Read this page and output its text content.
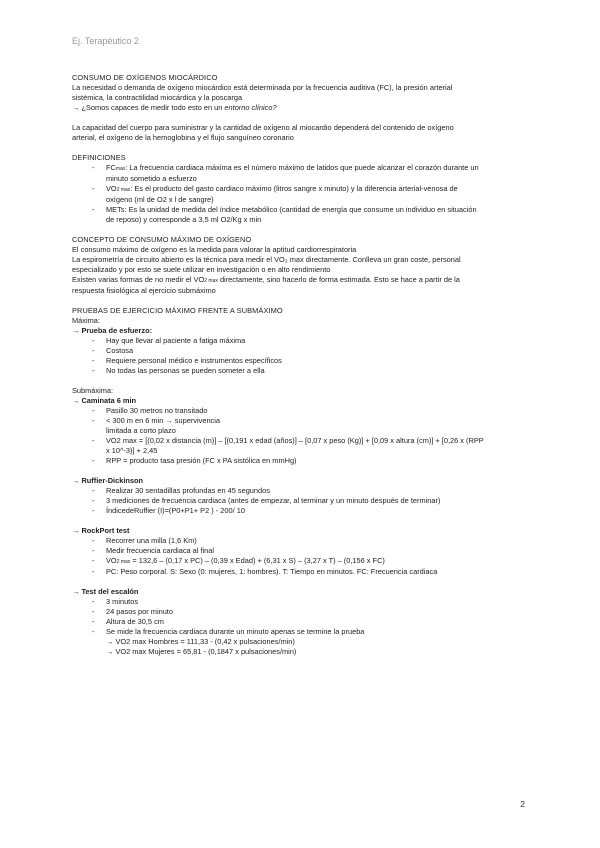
Ej. Terapéutico 2

CONSUMO DE OXÍGENOS MIOCÁRDICO

La necesidad o demanda de oxígeno miocárdico está determinada por la frecuencia auditiva (FC), la presión arterial

sistémica, la contractilidad miocárdica y la poscarga

→ ¿Somos capaces de medir todo esto en un entorno clínico?

La capacidad del cuerpo para suministrar y la cantidad de oxígeno al miocardio dependerá del contenido de oxígeno

arterial, el oxígeno de la hemoglobina y el flujo sanguíneo coronario

DEFINICIONES

- FCmax: La frecuencia cardiaca máxima es el número máximo de latidos que puede alcanzar el corazón durante un
minuto sometido a esfuerzo
- VO2 max: Es el producto del gasto cardiaco máximo (litros sangre x minuto) y la diferencia arterial-venosa de
oxígeno (ml de O2 x l de sangre)
- METs: Es la unidad de medida del índice metabólico (cantidad de energía que consume un individuo en situación
de reposo) y corresponde a 3,5 ml O2/Kg x min

CONCEPTO DE CONSUMO MÁXIMO DE OXÍGENO

El consumo máximo de oxígeno es la medida para valorar la aptitud cardiorrespiratoria

La espirometría de circuito abierto es la técnica para medir el VO₂ max directamente. Conlleva un gran coste, personal

especializado y por esto se suele utilizar en investigación o en alto rendimiento

Existen varias formas de no medir el VO2 max directamente, sino hacerlo de forma estimada. Esto se hace a partir de la

respuesta fisiológica al ejercicio submáximo

PRUEBAS DE EJERCICIO MÁXIMO FRENTE A SUBMÁXIMO

Máxima:

→ Prueba de esfuerzo:

- Hay que llevar al paciente a fatiga máxima
- Costosa
- Requiere personal médico e instrumentos específicos
- No todas las personas se pueden someter a ella

Submáxima:

→ Caminata 6 min

- Pasillo 30 metros no transitado
- < 300 m en 6 min → supervivencia
limitada a corto plazo
- VO2 max = [(0,02 x distancia (m)] – [(0,191 x edad (años)] – [0,07 x peso (Kg)] + [0,09 x altura (cm)] + [0,26 x (RPP
x 10^-3)] + 2,45
- RPP = producto tasa presión (FC x PA sistólica en mmHg)

→ Ruffier-Dickinson

- Realizar 30 sentadillas profundas en 45 segundos
- 3 mediciones de frecuencia cardiaca (antes de empezar, al terminar y un minuto después de terminar)
- ÍndicedeRuffier (I)=(P0+P1+ P2 ) - 200/ 10

→ RockPort test

- Recorrer una milla (1,6 Km)
- Medir frecuencia cardiaca al final
- VO2 max = 132,6 – (0,17 x PC) – (0,39 x Edad) + (6,31 x S) – (3,27 x T) – (0,156 x FC)
- PC: Peso corporal. S: Sexo (0: mujeres, 1: hombres). T: Tiempo en minutos. FC: Frecuencia cardiaca

→ Test del escalón

- 3 minutos
- 24 pasos por minuto
- Altura de 30,5 cm
- Se mide la frecuencia cardiaca durante un minuto apenas se termine la prueba
→ VO2 max Hombres = 111,33 - (0,42 x pulsaciones/min)
→ VO2 max Mujeres = 65,81 - (0,1847 x pulsaciones/min)
2
